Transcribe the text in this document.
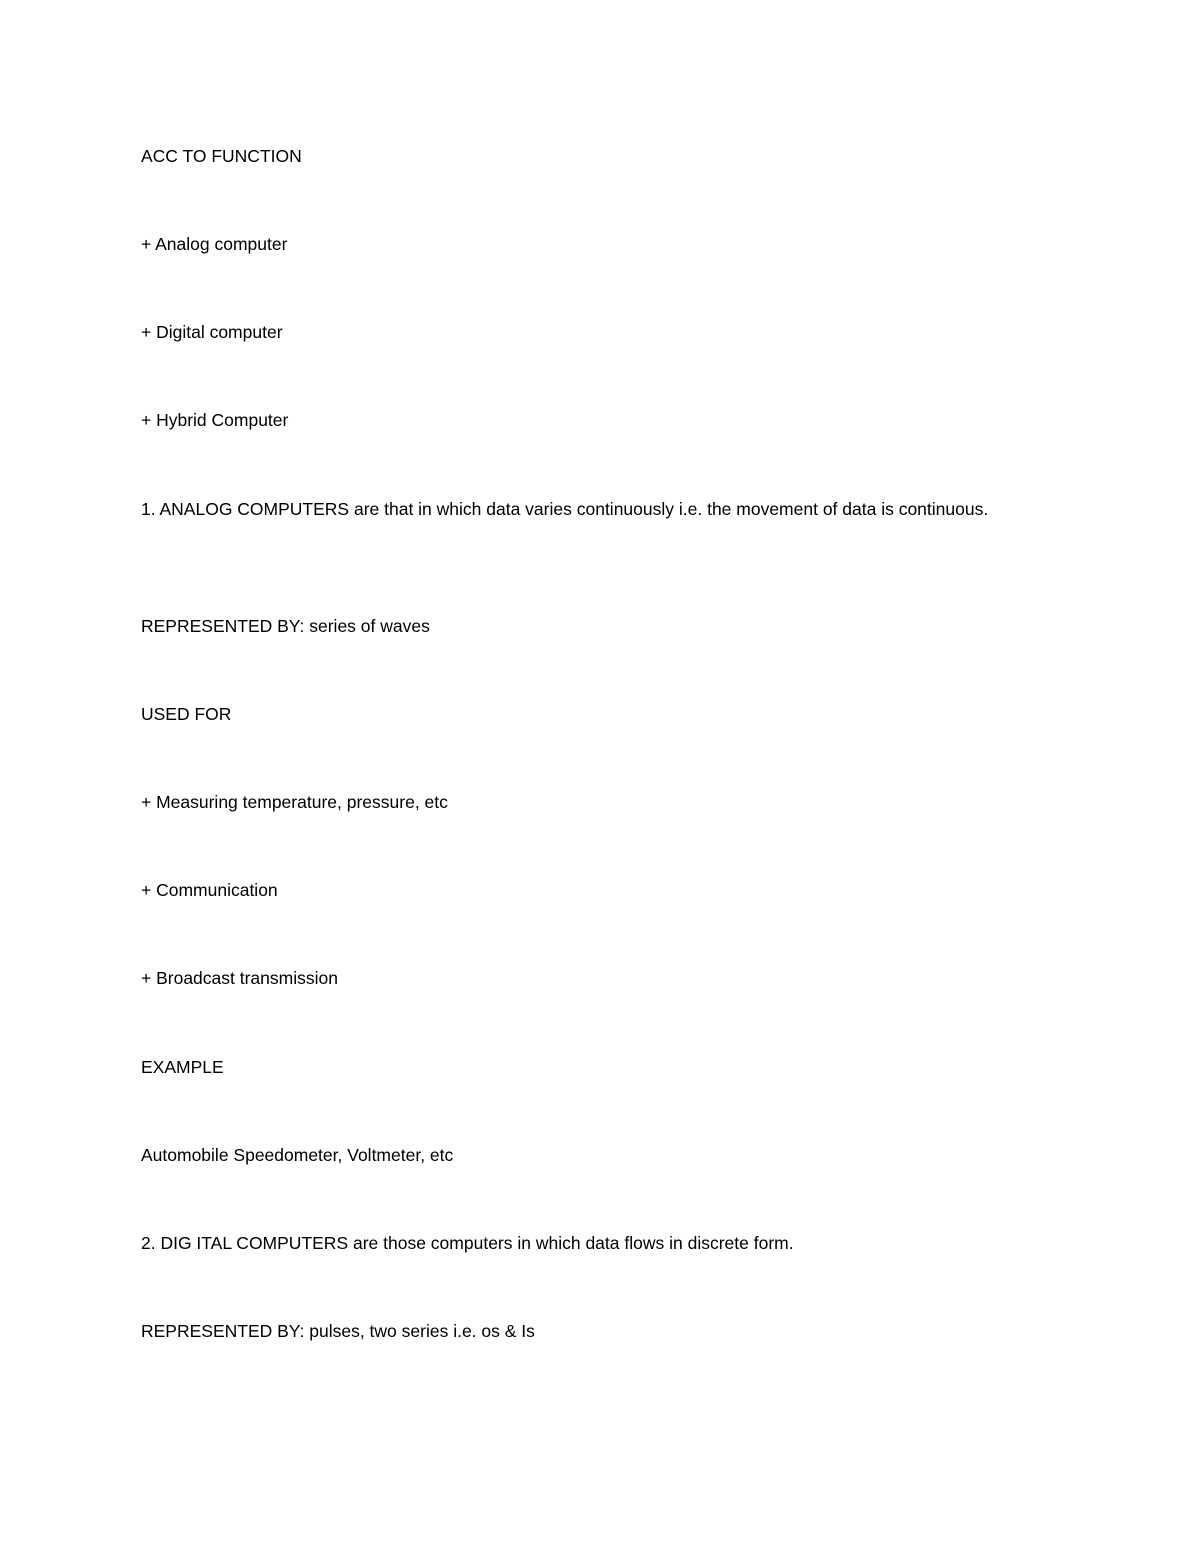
ACC TO FUNCTION
+ Analog computer
+ Digital computer
+ Hybrid Computer
1. ANALOG COMPUTERS are that in which data varies continuously i.e. the movement of data is continuous.
REPRESENTED BY: series of waves
USED FOR
+ Measuring temperature, pressure, etc
+ Communication
+ Broadcast transmission
EXAMPLE
Automobile Speedometer, Voltmeter, etc
2. DIG ITAL COMPUTERS are those computers in which data flows in discrete form.
REPRESENTED BY: pulses, two series i.e. os & Is
